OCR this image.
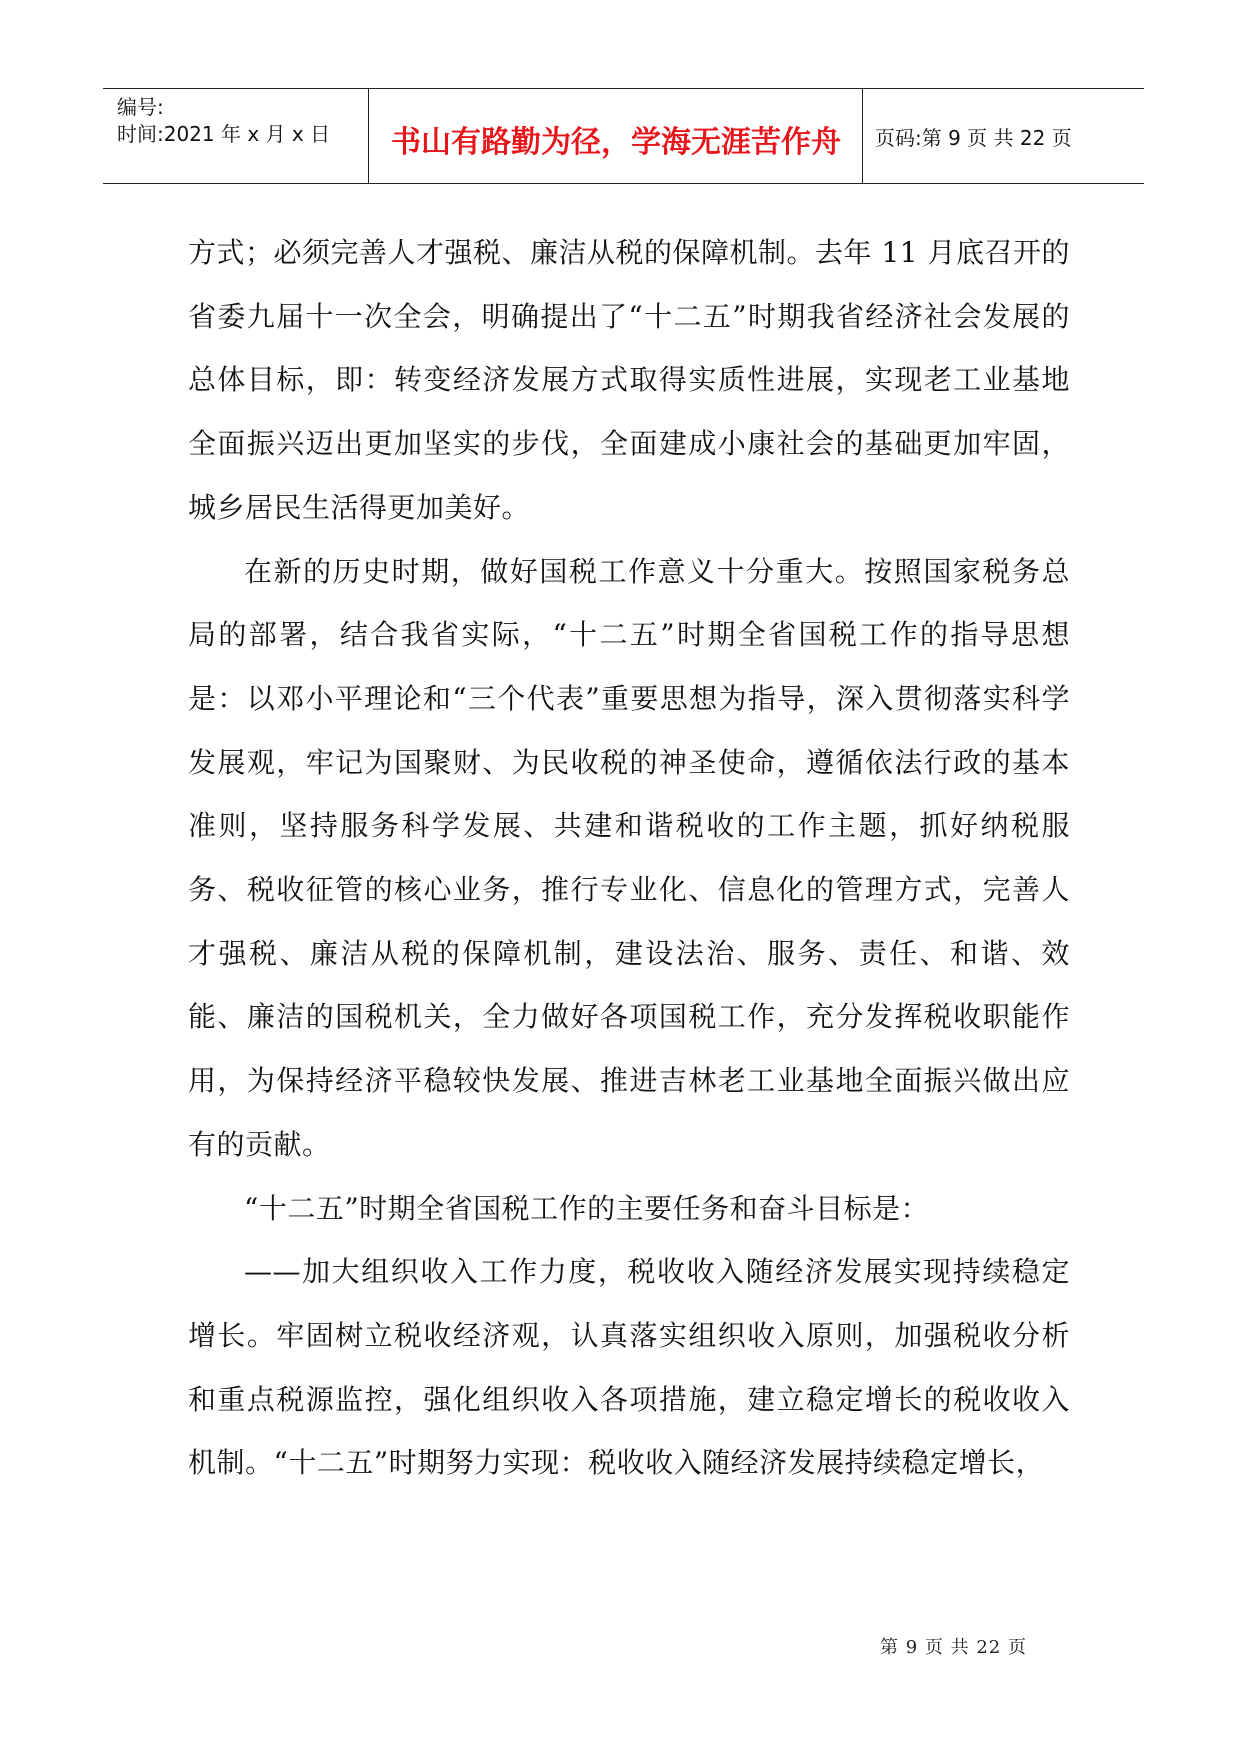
编号:
时间:2021 年 x 月 x 日	书山有路勤为径，学海无涯苦作舟	页码:第 9 页 共 22 页

方式；必须完善人才强税、廉洁从税的保障机制。去年 11 月底召开的省委九届十一次全会，明确提出了“十二五”时期我省经济社会发展的总体目标，即：转变经济发展方式取得实质性进展，实现老工业基地全面振兴迈出更加坚实的步伐，全面建成小康社会的基础更加牢固，城乡居民生活得更加美好。

在新的历史时期，做好国税工作意义十分重大。按照国家税务总局的部署，结合我省实际，“十二五”时期全省国税工作的指导思想是：以邓小平理论和“三个代表”重要思想为指导，深入贯彻落实科学发展观，牢记为国聚财、为民收税的神圣使命，遵循依法行政的基本准则，坚持服务科学发展、共建和谐税收的工作主题，抓好纳税服务、税收征管的核心业务，推行专业化、信息化的管理方式，完善人才强税、廉洁从税的保障机制，建设法治、服务、责任、和谐、效能、廉洁的国税机关，全力做好各项国税工作，充分发挥税收职能作用，为保持经济平稳较快发展、推进吉林老工业基地全面振兴做出应有的贡献。

“十二五”时期全省国税工作的主要任务和奋斗目标是：

——加大组织收入工作力度，税收收入随经济发展实现持续稳定增长。牢固树立税收经济观，认真落实组织收入原则，加强税收分析和重点税源监控，强化组织收入各项措施，建立稳定增长的税收收入机制。“十二五”时期努力实现：税收收入随经济发展持续稳定增长，

第 9 页 共 22 页
